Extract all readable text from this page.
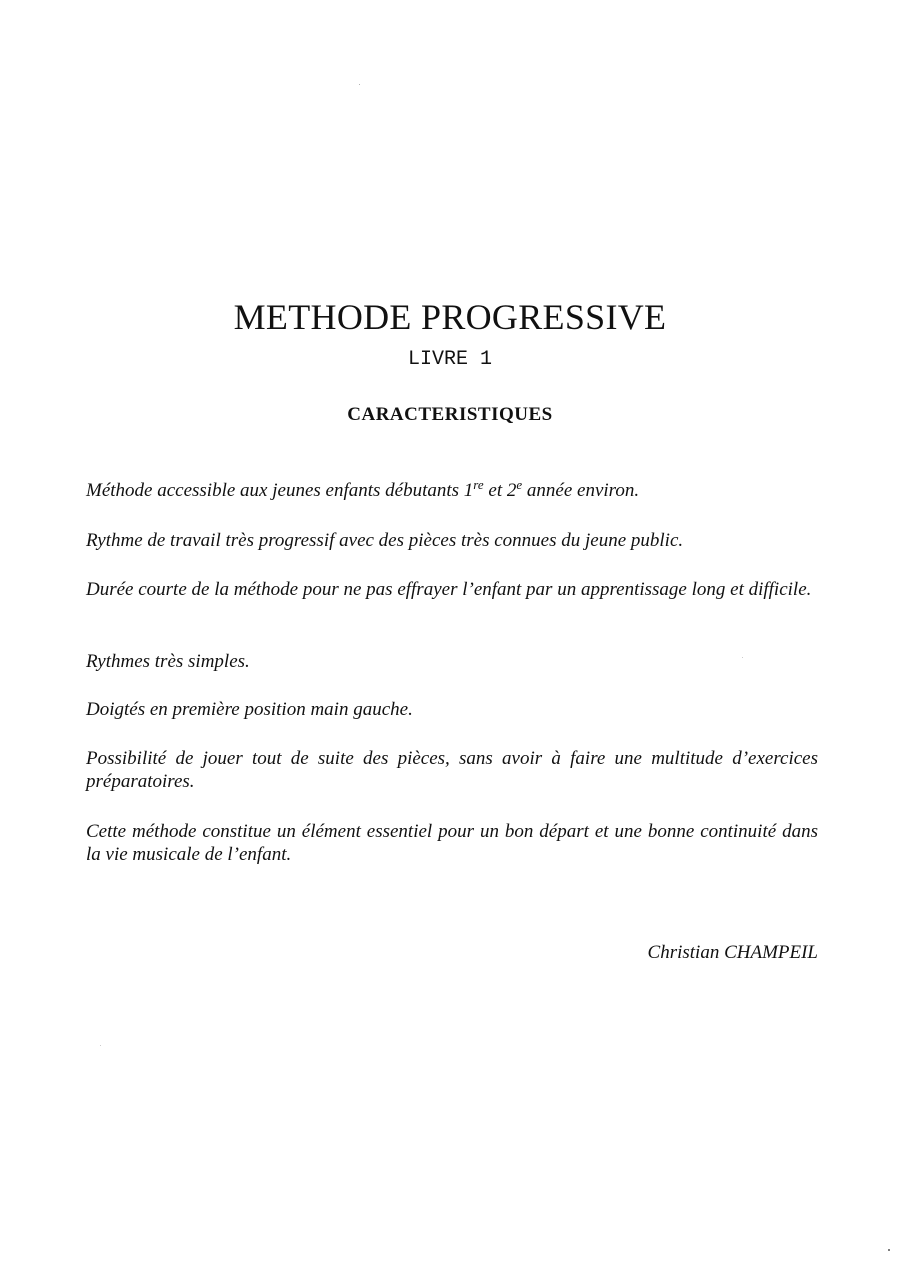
METHODE PROGRESSIVE

LIVRE 1

CARACTERISTIQUES

Méthode accessible aux jeunes enfants débutants 1re et 2e année environ.

Rythme de travail très progressif avec des pièces très connues du jeune public.

Durée courte de la méthode pour ne pas effrayer l’enfant par un apprentissage long et difficile.

Rythmes très simples.

Doigtés en première position main gauche.

Possibilité de jouer tout de suite des pièces, sans avoir à faire une multitude d’exercices préparatoires.

Cette méthode constitue un élément essentiel pour un bon départ et une bonne continuité dans la vie musicale de l’enfant.

Christian CHAMPEIL
